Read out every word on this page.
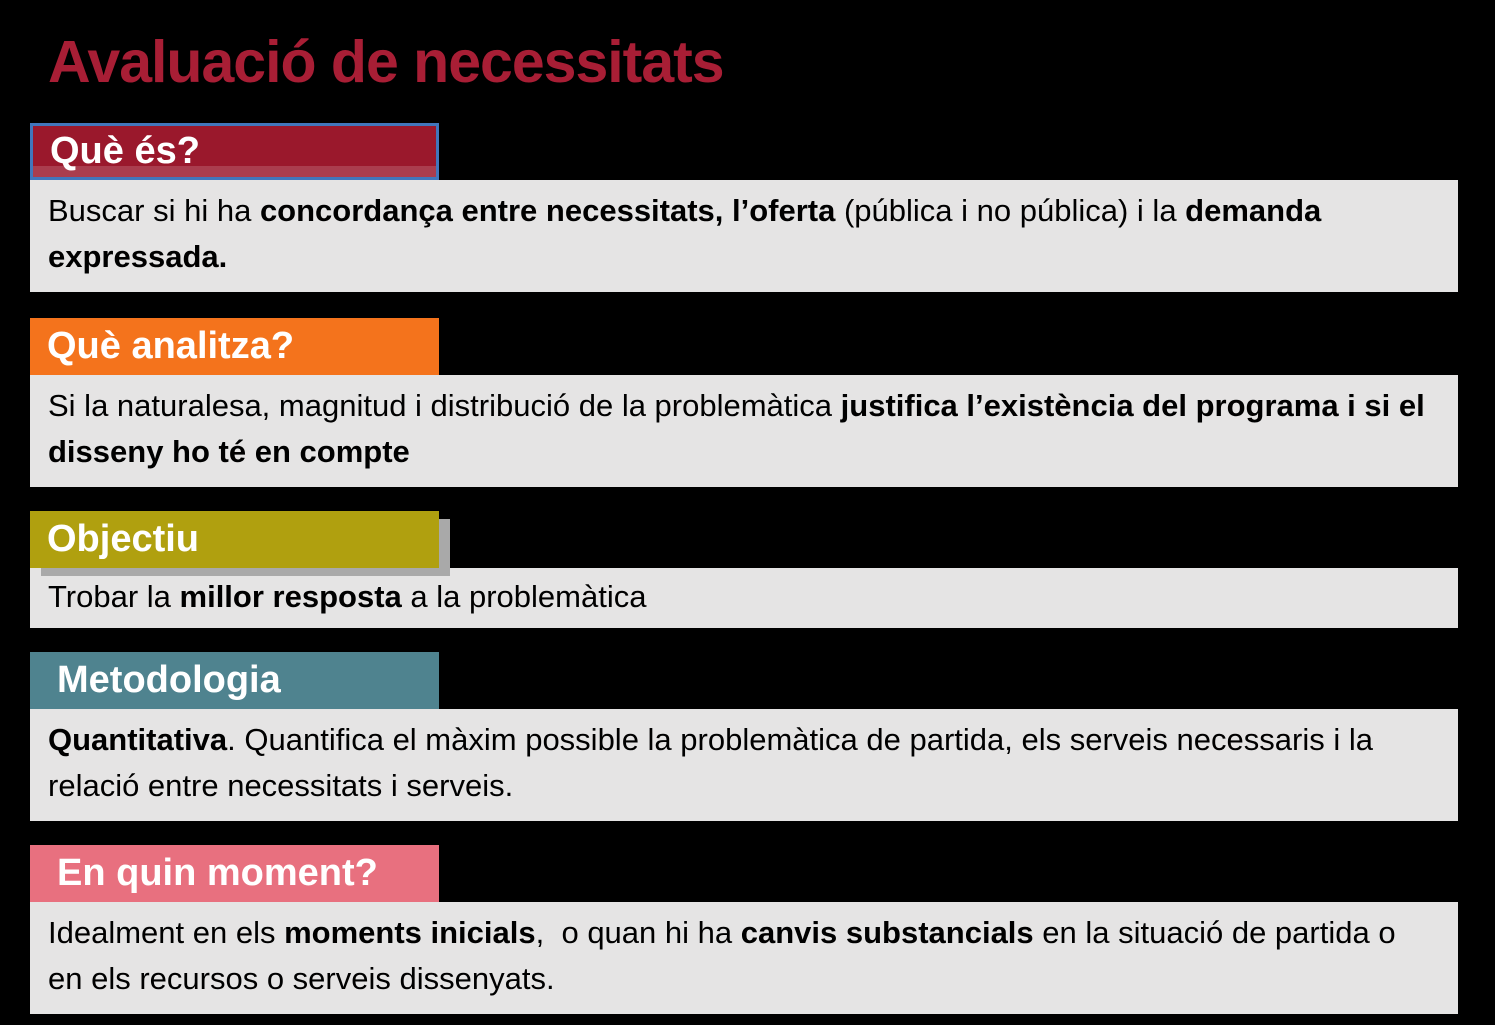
Avaluació de necessitats
Què és?
Buscar si hi ha concordança entre necessitats, l’oferta (pública i no pública) i la demanda expressada.
Què analitza?
Si la naturalesa, magnitud i distribució de la problemàtica justifica l’existència del programa i si el disseny ho té en compte
Objectiu
Trobar la millor resposta a la problemàtica
Metodologia
Quantitativa. Quantifica el màxim possible la problemàtica de partida, els serveis necessaris i la relació entre necessitats i serveis.
En quin moment?
Idealment en els moments inicials,  o quan hi ha canvis substancials en la situació de partida o en els recursos o serveis dissenyats.
